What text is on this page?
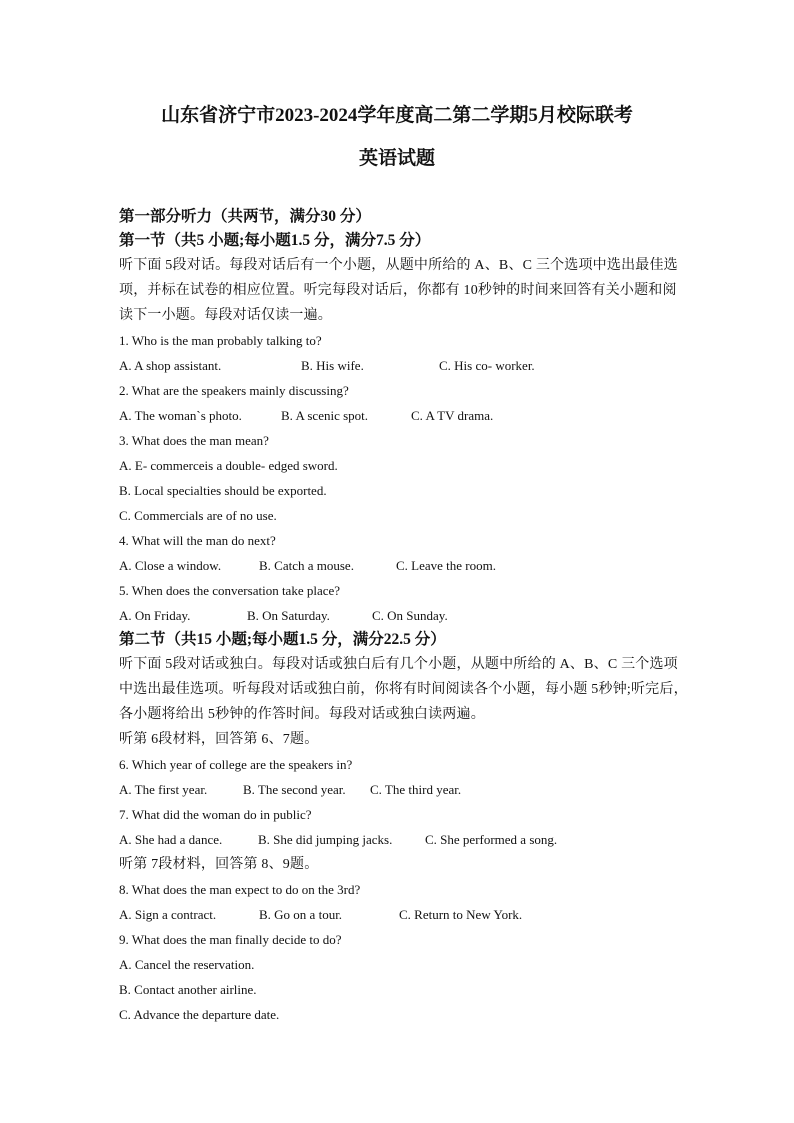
山东省济宁市2023-2024学年度高二第二学期5月校际联考
英语试题
第一部分听力（共两节，满分30 分）
第一节（共5 小题;每小题1.5 分，满分7.5 分）
听下面 5段对话。每段对话后有一个小题，从题中所给的 A、B、C 三个选项中选出最佳选
项，并标在试卷的相应位置。听完每段对话后，你都有 10秒钟的时间来回答有关小题和阅
读下一小题。每段对话仅读一遍。
1. Who is the man probably talking to?
A. A shop assistant.	B. His wife.	C. His co- worker.
2. What are the speakers mainly discussing?
A. The woman`s photo.	B. A scenic spot.	C. A TV drama.
3. What does the man mean?
A. E- commerceis a double- edged sword.
B. Local specialties should be exported.
C. Commercials are of no use.
4. What will the man do next?
A. Close a window.	B. Catch a mouse.	C. Leave the room.
5. When does the conversation take place?
A. On Friday.	B. On Saturday.	C. On Sunday.
第二节（共15 小题;每小题1.5 分，满分22.5 分）
听下面 5段对话或独白。每段对话或独白后有几个小题，从题中所给的 A、B、C 三个选项
中选出最佳选项。听每段对话或独白前，你将有时间阅读各个小题，每小题 5秒钟;听完后，
各小题将给出 5秒钟的作答时间。每段对话或独白读两遍。
听第 6段材料，回答第 6、7题。
6. Which year of college are the speakers in?
A. The first year.	B. The second year. C. The third year.
7. What did the woman do in public?
A. She had a dance.	B. She did jumping jacks.	C. She performed a song.
听第 7段材料，回答第 8、9题。
8. What does the man expect to do on the 3rd?
A. Sign a contract.	B. Go on a tour.	C. Return to New York.
9. What does the man finally decide to do?
A. Cancel the reservation.
B. Contact another airline.
C. Advance the departure date.
